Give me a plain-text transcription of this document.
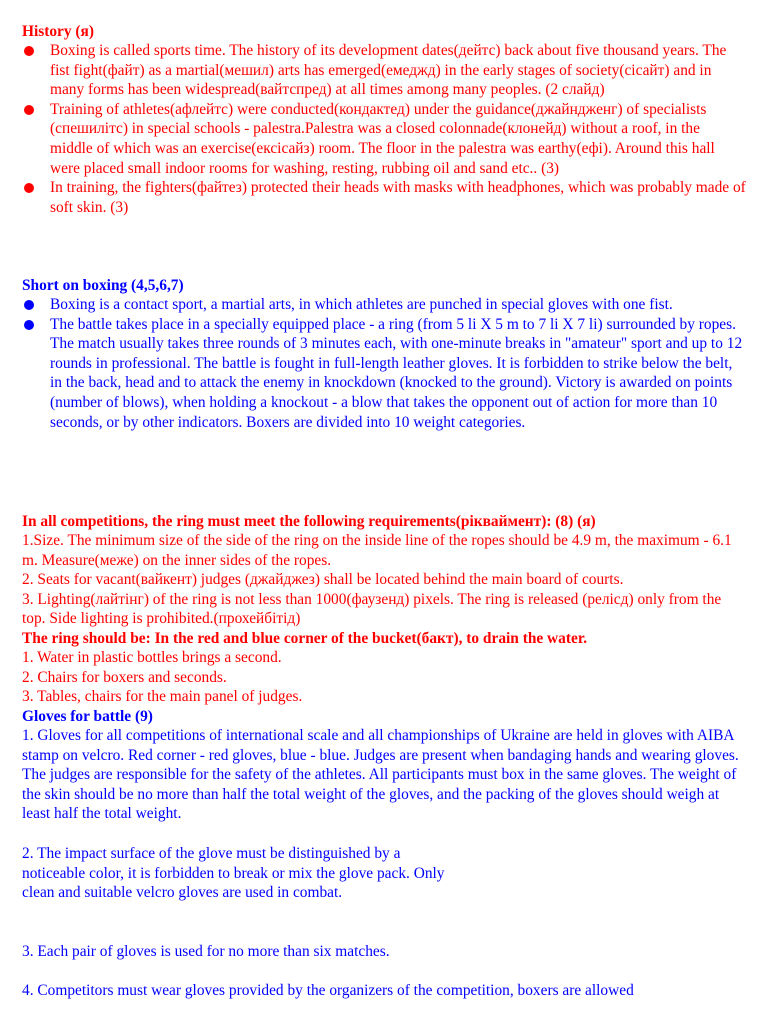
History (я)
Boxing is called sports time. The history of its development dates(дейтс) back about five thousand years. The fist fight(файт) as a martial(мешил) arts has emerged(емеджд) in the early stages of society(сісайт) and in many forms has been widespread(вайтспред) at all times among many peoples. (2 слайд)
Training of athletes(афлейтс) were conducted(кондактед) under the guidance(джайндженг) of specialists (спешилітс) in special schools - palestra.Palestra was a closed colonnade(клонейд) without a roof, in the middle of which was an exercise(ексісайз) room. The floor in the palestra was earthy(ефі). Around this hall were placed small indoor rooms for washing, resting, rubbing oil and sand etc.. (3)
In training, the fighters(файтез) protected their heads with masks with headphones, which was probably made of soft skin. (3)
Short on boxing (4,5,6,7)
Boxing is a contact sport, a martial arts, in which athletes are punched in special gloves with one fist.
The battle takes place in a specially equipped place - a ring (from 5 li X 5 m to 7 li X 7 li) surrounded by ropes. The match usually takes three rounds of 3 minutes each, with one-minute breaks in "amateur" sport and up to 12 rounds in professional. The battle is fought in full-length leather gloves. It is forbidden to strike below the belt, in the back, head and to attack the enemy in knockdown (knocked to the ground). Victory is awarded on points (number of blows), when holding a knockout - a blow that takes the opponent out of action for more than 10 seconds, or by other indicators. Boxers are divided into 10 weight categories.
In all competitions, the ring must meet the following requirements(рікваймент): (8) (я)

1.Size. The minimum size of the side of the ring on the inside line of the ropes should be 4.9 m, the maximum - 6.1 m. Measure(меже) on the inner sides of the ropes.

2. Seats for vacant(вайкент) judges (джайджез) shall be located behind the main board of courts.

3. Lighting(лайтінг) of the ring is not less than 1000(фаузенд) pixels. The ring is released (релісд) only from the top. Side lighting is prohibited.(прохейбітід)

The ring should be: In the red and blue corner of the bucket(бакт), to drain the water.

1. Water in plastic bottles brings a second.

2. Chairs for boxers and seconds.

3. Tables, chairs for the main panel of judges.

Gloves for battle (9)
1. Gloves for all competitions of international scale and all championships of Ukraine are held in gloves with AIBA stamp on velcro. Red corner - red gloves, blue - blue. Judges are present when bandaging hands and wearing gloves. The judges are responsible for the safety of the athletes. All participants must box in the same gloves. The weight of the skin should be no more than half the total weight of the gloves, and the packing of the gloves should weigh at least half the total weight.
2. The impact surface of the glove must be distinguished by a noticeable color, it is forbidden to break or mix the glove pack. Only clean and suitable velcro gloves are used in combat.
3. Each pair of gloves is used for no more than six matches.
4. Competitors must wear gloves provided by the organizers of the competition, boxers are allowed
